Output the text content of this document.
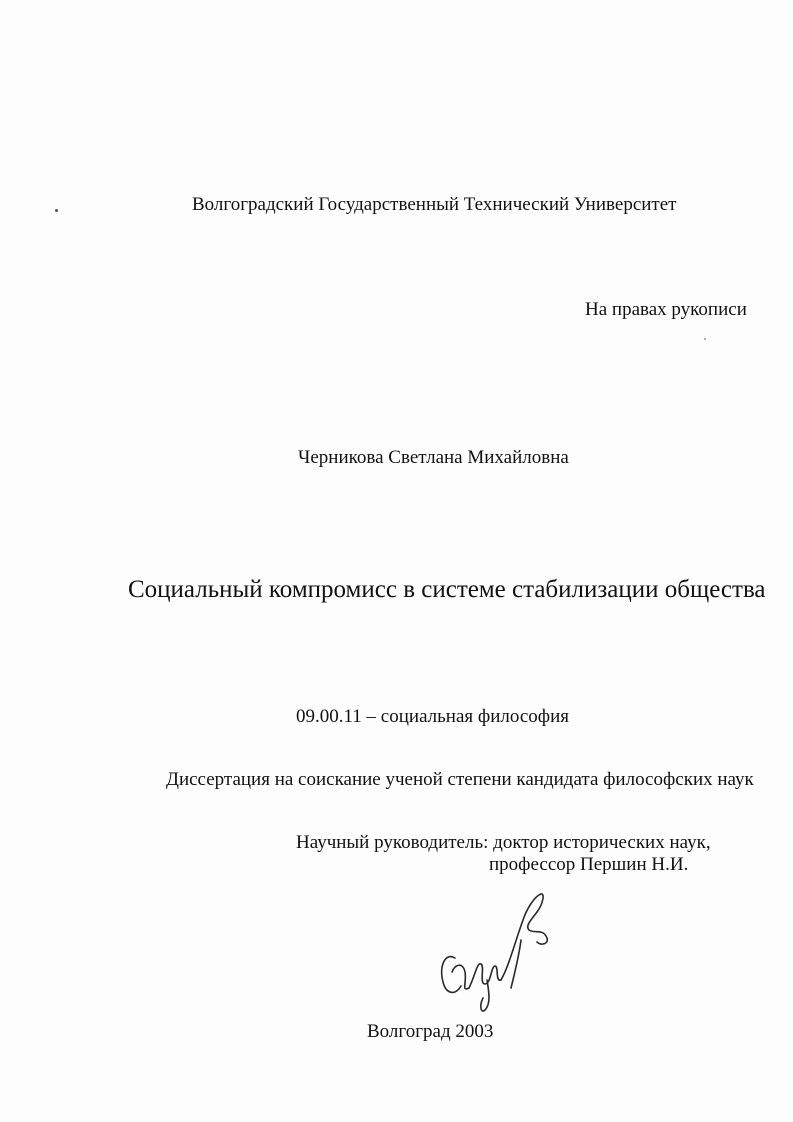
Волгоградский Государственный Технический Университет
На правах рукописи
Черникова Светлана Михайловна
Социальный компромисс в системе стабилизации общества
09.00.11 – социальная философия
Диссертация на соискание ученой степени кандидата философских наук
Научный руководитель: доктор исторических наук,
профессор Першин Н.И.
Волгоград 2003
